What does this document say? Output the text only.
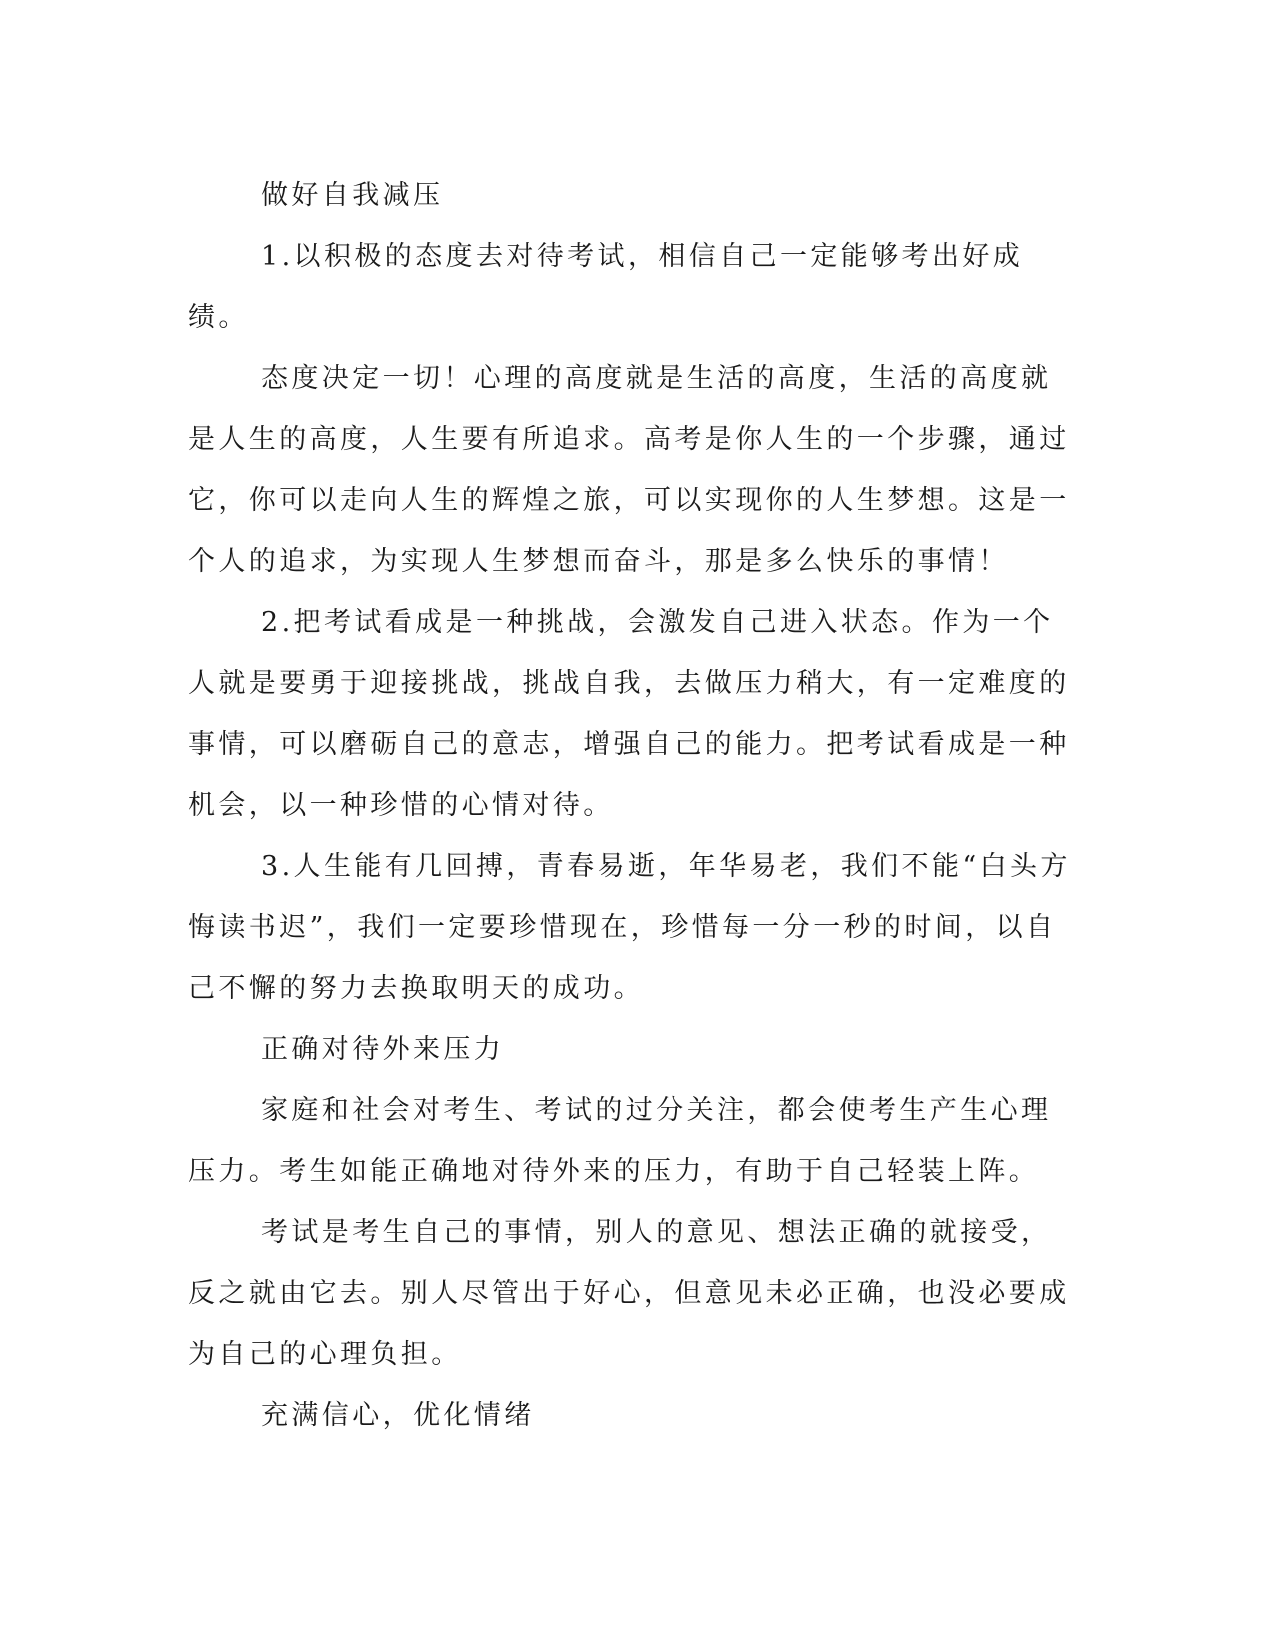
做好自我减压

1.以积极的态度去对待考试，相信自己一定能够考出好成绩。

态度决定一切！心理的高度就是生活的高度，生活的高度就是人生的高度，人生要有所追求。高考是你人生的一个步骤，通过它，你可以走向人生的辉煌之旅，可以实现你的人生梦想。这是一个人的追求，为实现人生梦想而奋斗，那是多么快乐的事情！

2.把考试看成是一种挑战，会激发自己进入状态。作为一个人就是要勇于迎接挑战，挑战自我，去做压力稍大，有一定难度的事情，可以磨砺自己的意志，增强自己的能力。把考试看成是一种机会，以一种珍惜的心情对待。

3.人生能有几回搏，青春易逝，年华易老，我们不能“白头方悔读书迟”，我们一定要珍惜现在，珍惜每一分一秒的时间，以自己不懈的努力去换取明天的成功。

正确对待外来压力

家庭和社会对考生、考试的过分关注，都会使考生产生心理压力。考生如能正确地对待外来的压力，有助于自己轻装上阵。

考试是考生自己的事情，别人的意见、想法正确的就接受，反之就由它去。别人尽管出于好心，但意见未必正确，也没必要成为自己的心理负担。

充满信心，优化情绪
